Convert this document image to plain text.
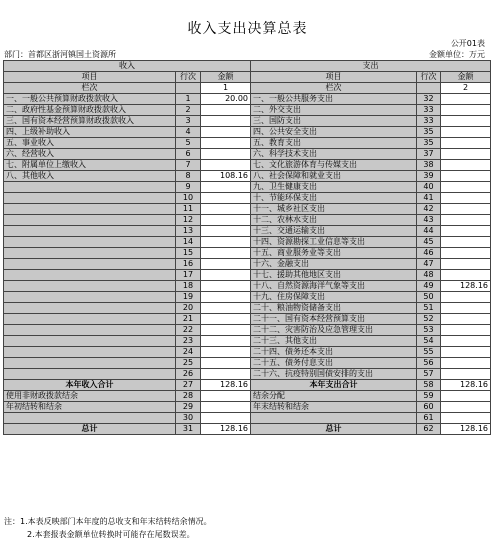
收入支出决算总表
公开01表
金额单位：万元
部门：首都区浙河镇国土资源所
收入			支出		
项目	行次	金额	项目	行次	金额
栏次		1	栏次		2
一、一般公共预算财政拨款收入	1	20.00	一、一般公共服务支出	32	
二、政府性基金预算财政拨款收入	2		二、外交支出	33	
三、国有资本经营预算财政拨款收入	3		三、国防支出	33	
四、上级补助收入	4		四、公共安全支出	35	
五、事业收入	5		五、教育支出	35	
六、经营收入	6		六、科学技术支出	37	
七、附属单位上缴收入	7		七、文化旅游体育与传媒支出	38	
八、其他收入	8	108.16	八、社会保障和就业支出	39	
	9		九、卫生健康支出	40	
	10		十、节能环保支出	41	
	11		十一、城乡社区支出	42	
	12		十二、农林水支出	43	
	13		十三、交通运输支出	44	
	14		十四、资源勘探工业信息等支出	45	
	15		十五、商业服务业等支出	46	
	16		十六、金融支出	47	
	17		十七、援助其他地区支出	48	
	18		十八、自然资源海洋气象等支出	49	128.16
	19		十九、住房保障支出	50	
	20		二十、粮油物资储备支出	51	
	21		二十一、国有资本经营预算支出	52	
	22		二十二、灾害防治及应急管理支出	53	
	23		二十三、其他支出	54	
	24		二十四、债务还本支出	55	
	25		二十五、债务付息支出	56	
	26		二十六、抗疫特别国债安排的支出	57	
本年收入合计	27	128.16	本年支出合计	58	128.16
使用非财政拨款结余	28		结余分配	59	
年初结转和结余	29		年末结转和结余	60	
	30			61	
总计	31	128.16	总计	62	128.16
注：1.本表反映部门本年度的总收支和年末结转结余情况。
2.本套报表金额单位转换时可能存在尾数误差。
